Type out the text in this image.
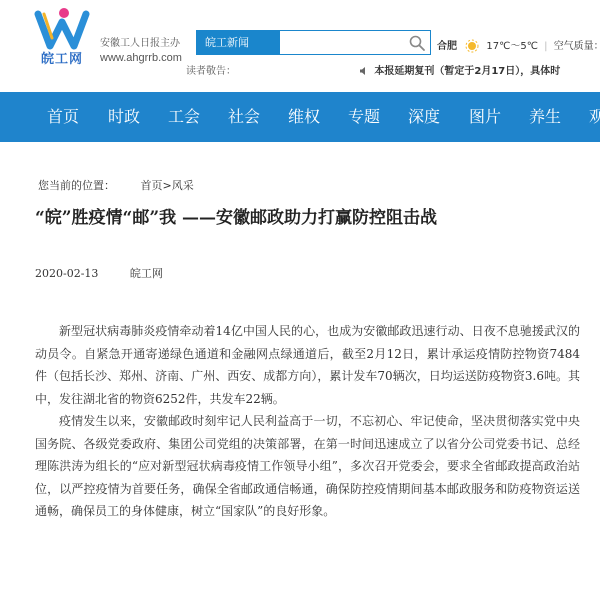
皖工网
安徽工人日报主办
www.ahgrrb.com
皖工新闻	合肥	17℃～5℃ | 空气质量：
读者敬告：	本报延期复刊（暂定于2月17日），具体时
首页 时政 工会 社会 维权 专题 深度 图片 养生 观
您当前的位置： 首页>风采
“皖”胜疫情“邮”我 ——安徽邮政助力打赢防控阻击战
2020-02-13	皖工网

新型冠状病毒肺炎疫情牵动着14亿中国人民的心，也成为安徽邮政迅速行动、日夜不息驰援武汉的动员令。自紧急开通寄递绿色通道和金融网点绿通道后，截至2月12日，累计承运疫情防控物资7484件（包括长沙、郑州、济南、广州、西安、成都方向），累计发车70辆次，日均运送防疫物资3.6吨。其中，发往湖北省的物资6252件，共发车22辆。

疫情发生以来，安徽邮政时刻牢记人民利益高于一切，不忘初心、牢记使命，坚决贯彻落实党中央国务院、各级党委政府、集团公司党组的决策部署，在第一时间迅速成立了以省分公司党委书记、总经理陈洪涛为组长的“应对新型冠状病毒疫情工作领导小组”，多次召开党委会，要求全省邮政提高政治站位，以严控疫情为首要任务，确保全省邮政通信畅通，确保防控疫情期间基本邮政服务和防疫物资运送通畅，确保员工的身体健康，树立“国家队”的良好形象。
